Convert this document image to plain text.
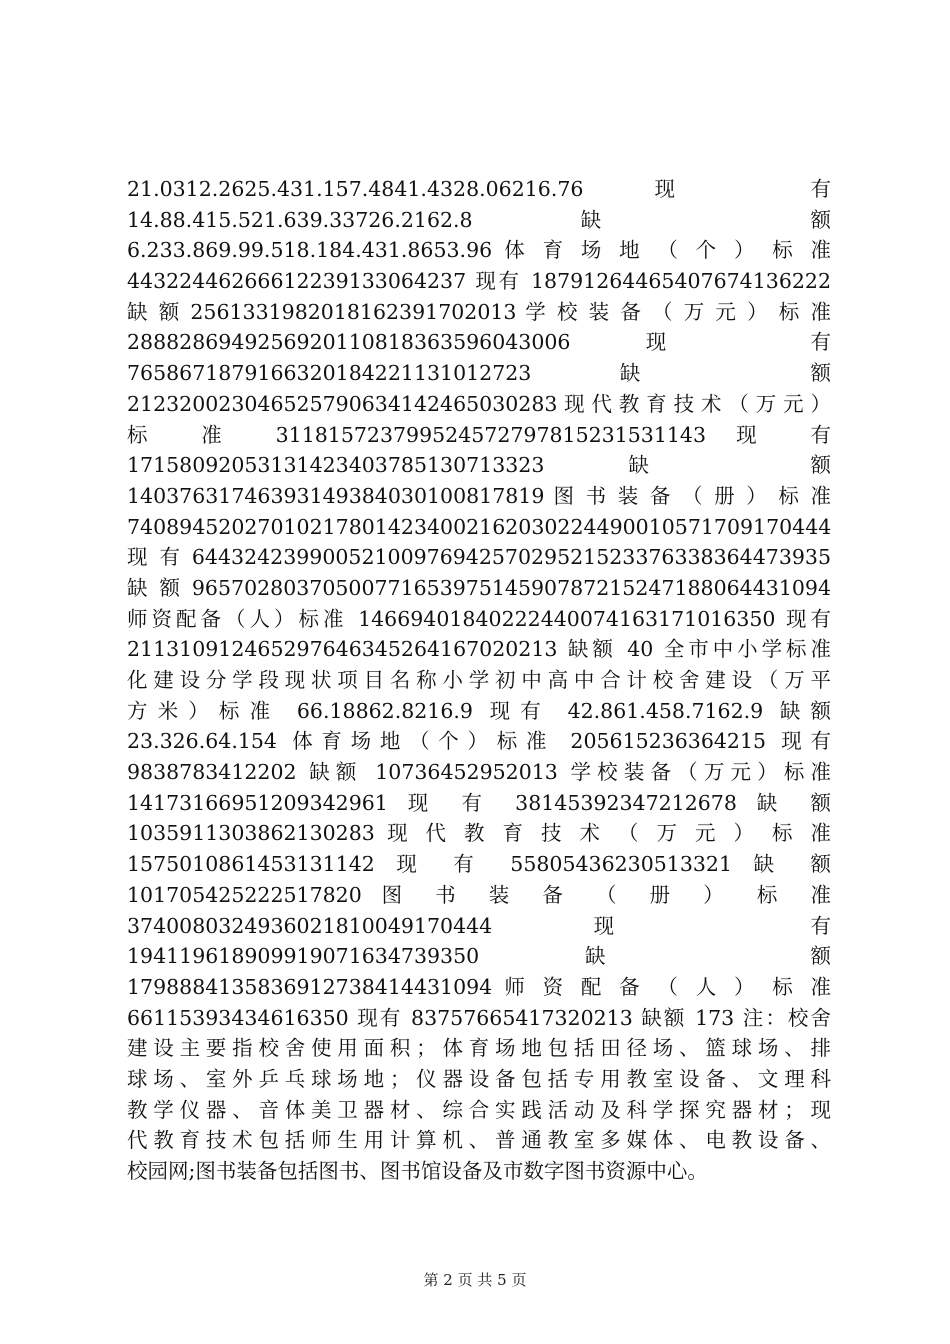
21.0312.2625.431.157.4841.4328.06216.76 现 有
14.88.415.521.639.33726.2162.8 缺 额
6.233.869.99.518.184.431.8653.96 体 育 场 地 （ 个 ） 标 准
44322446266612239133064237 现有 18791264465407674136222​
缺 额 2561331982018162391702013 学 校 装 备 （ 万 元 ） 标 准
2888286949256920110818363596043006 现 有
7658671879166320184221131012723 缺 额
2123200230465257906341424650302​83 现 代 教 育 技 术 （ 万 元 ）
标 准 3118157237995245727978152315311​43 现 有
1715809205313142340378513071332​3 缺 额
1403763174639314938403010081781​9 图 书 装 备 （ 册 ） 标 准
7408945202701021780142340021620302244900105717091704​44
现 有 6443242399005210097694257029521523376338364473935​
缺 额 965702803705007716539751459078721524718806443109​4
师资配备（人）标准 1466940184022244007416317101635​0 现有
2113109124652976463452641670202​13 缺额 40 全市中小学标准
化建设分学段现状项目名称小学初中高中合计校舍建设（万平
方米）标准 66.18862.8216.9 现有 42.861.458.7162.9 缺额
23.326.64.154 体育场地（个）标准 205615236364215 现有
9838783412202 缺额 1073645295201​3 学校装备（万元）标准
1417316695120934296​1 现 有 3814539234721267​8 缺 额
1035911303862130283 现 代 教 育 技 术 （ 万 元 ） 标 准
1575010861453131142 现 有 55805436230513321 缺 额
101705425222517820 图 书 装 备 （ 册 ） 标 准
374008032493602181004917044​4 现 有
194119618909919071634739350 缺 额
179888413583691273841443109​4 师 资 配 备 （ 人 ） 标 准
66115393434616350 现有 83757665417320213 缺额 173 注：校舍
建设主要指校舍使用面积；体育场地包括田径场、篮球场、排
球场、室外乒乓球场地；仪器设备包括专用教室设备、文理科
教学仪器、音体美卫器材、综合实践活动及科学探究器材；现
代教育技术包括师生用计算机、普通教室多媒体、电教设备、
校园网;图书装备包括图书、图书馆设备及市数字图书资源中心。
第 2 页 共 5 页
